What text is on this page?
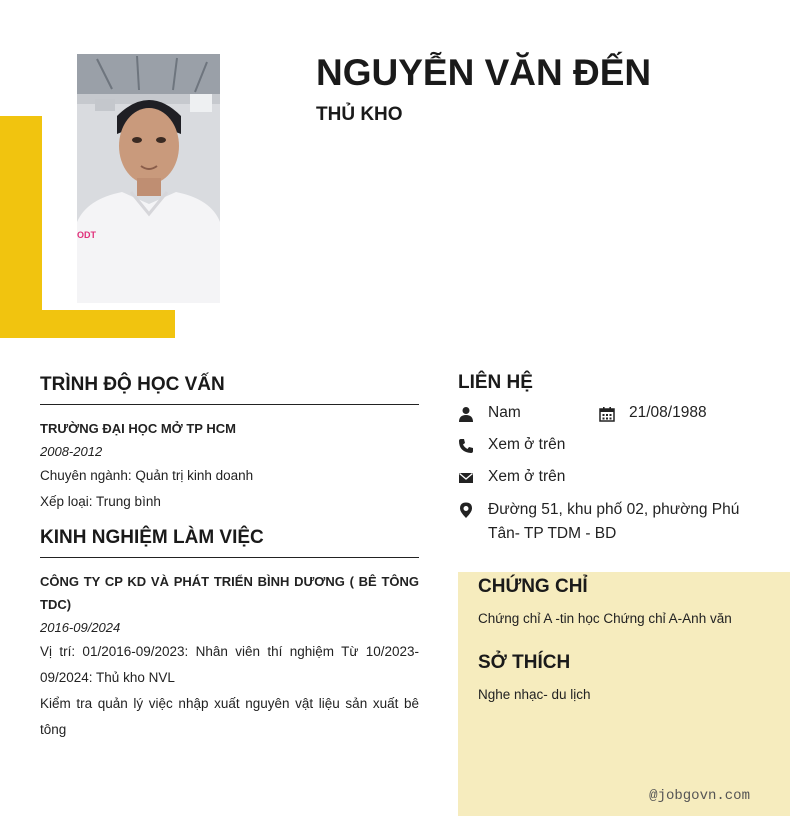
ODT
NGUYỄN VĂN ĐẾN
THỦ KHO
TRÌNH ĐỘ HỌC VẤN
TRƯỜNG ĐẠI HỌC MỞ TP HCM
2008-2012
Chuyên ngành: Quản trị kinh doanh
Xếp loại: Trung bình
KINH NGHIỆM LÀM VIỆC
CÔNG TY CP KD VÀ PHÁT TRIỂN BÌNH DƯƠNG ( BÊ TÔNG TDC)
2016-09/2024
Vị trí: 01/2016-09/2023: Nhân viên thí nghiệm Từ 10/2023-09/2024: Thủ kho NVL
Kiểm tra quản lý việc nhập xuất nguyên vật liệu sản xuất bê tông
LIÊN HỆ
Nam	21/08/1988
Xem ở trên
Xem ở trên
Đường 51, khu phố 02, phường Phú Tân- TP TDM - BD
CHỨNG CHỈ
Chứng chỉ A -tin học Chứng chỉ A-Anh văn
SỞ THÍCH
Nghe nhạc- du lịch
@jobgovn.com
